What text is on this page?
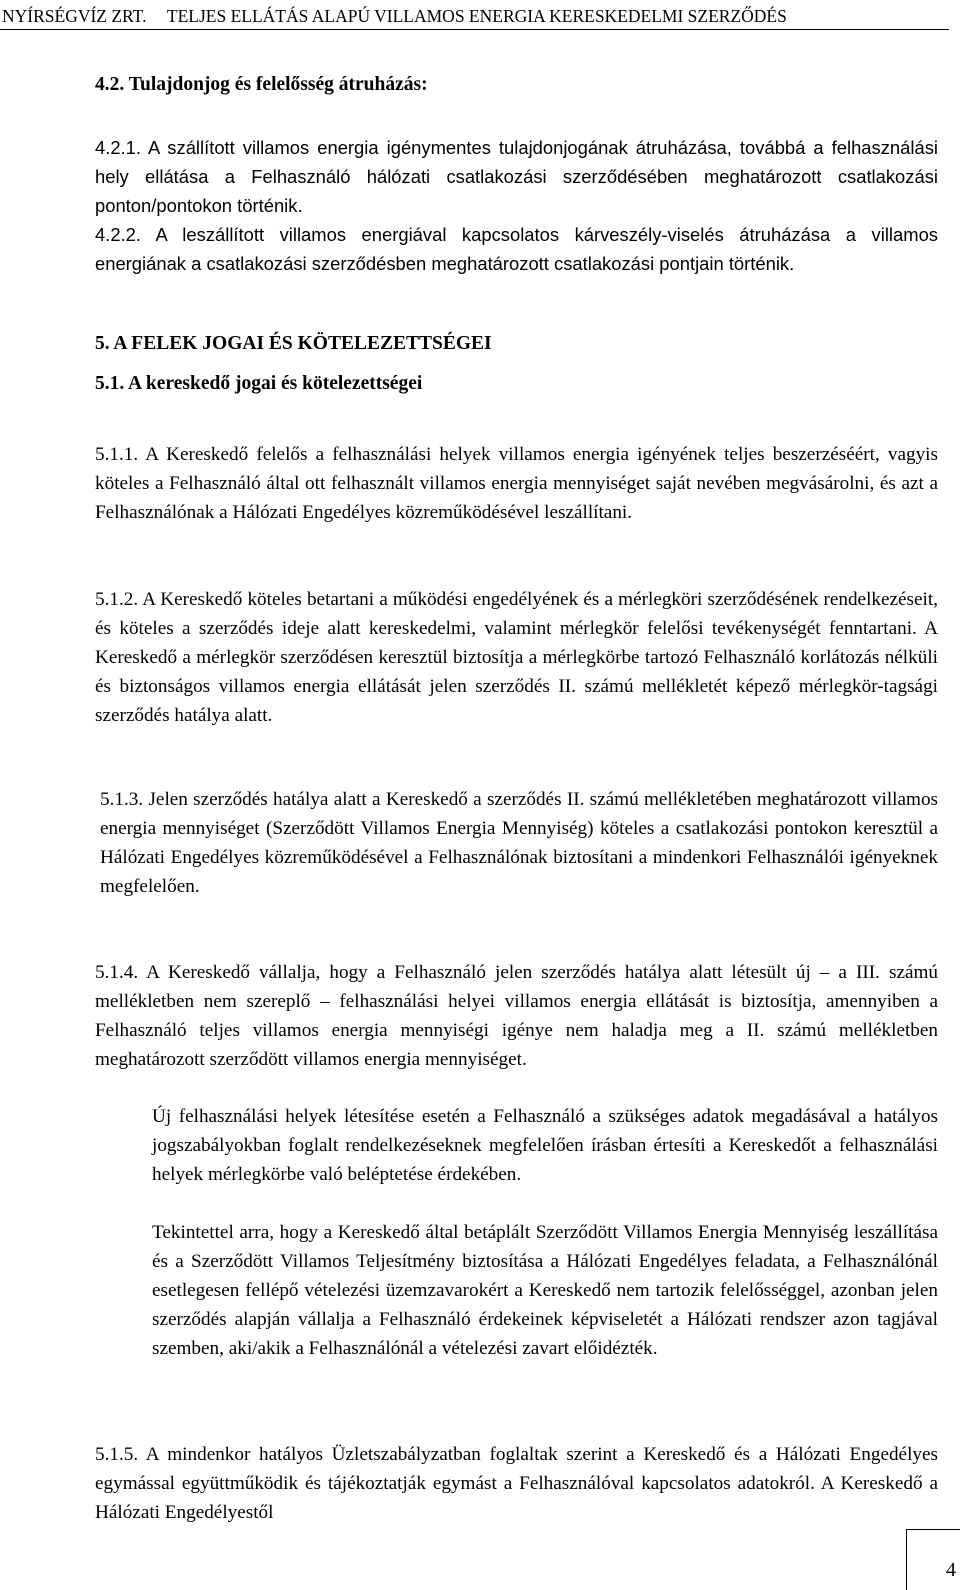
NYÍRSÉGVÍZ ZRT. TELJES ELLÁTÁS ALAPÚ VILLAMOS ENERGIA KERESKEDELMI SZERZŐDÉS
4.2. Tulajdonjog és felelősség átruházás:
4.2.1. A szállított villamos energia igénymentes tulajdonjogának átruházása, továbbá a felhasználási hely ellátása a Felhasználó hálózati csatlakozási szerződésében meghatározott csatlakozási ponton/pontokon történik.
4.2.2. A leszállított villamos energiával kapcsolatos kárveszély-viselés átruházása a villamos energiának a csatlakozási szerződésben meghatározott csatlakozási pontjain történik.
5. A FELEK JOGAI ÉS KÖTELEZETTSÉGEI
5.1. A kereskedő jogai és kötelezettségei
5.1.1. A Kereskedő felelős a felhasználási helyek villamos energia igényének teljes beszerzéséért, vagyis köteles a Felhasználó által ott felhasznált villamos energia mennyiséget saját nevében megvásárolni, és azt a Felhasználónak a Hálózati Engedélyes közreműködésével leszállítani.
5.1.2. A Kereskedő köteles betartani a működési engedélyének és a mérlegköri szerződésének rendelkezéseit, és köteles a szerződés ideje alatt kereskedelmi, valamint mérlegkör felelősi tevékenységét fenntartani. A Kereskedő a mérlegkör szerződésen keresztül biztosítja a mérlegkörbe tartozó Felhasználó korlátozás nélküli és biztonságos villamos energia ellátását jelen szerződés II. számú mellékletét képező mérlegkör-tagsági szerződés hatálya alatt.
5.1.3. Jelen szerződés hatálya alatt a Kereskedő a szerződés II. számú mellékletében meghatározott villamos energia mennyiséget (Szerződött Villamos Energia Mennyiség) köteles a csatlakozási pontokon keresztül a Hálózati Engedélyes közreműködésével a Felhasználónak biztosítani a mindenkori Felhasználói igényeknek megfelelően.
5.1.4. A Kereskedő vállalja, hogy a Felhasználó jelen szerződés hatálya alatt létesült új – a III. számú mellékletben nem szereplő – felhasználási helyei villamos energia ellátását is biztosítja, amennyiben a Felhasználó teljes villamos energia mennyiségi igénye nem haladja meg a II. számú mellékletben meghatározott szerződött villamos energia mennyiséget.
Új felhasználási helyek létesítése esetén a Felhasználó a szükséges adatok megadásával a hatályos jogszabályokban foglalt rendelkezéseknek megfelelően írásban értesíti a Kereskedőt a felhasználási helyek mérlegkörbe való beléptetése érdekében.
Tekintettel arra, hogy a Kereskedő által betáplált Szerződött Villamos Energia Mennyiség leszállítása és a Szerződött Villamos Teljesítmény biztosítása a Hálózati Engedélyes feladata, a Felhasználónál esetlegesen fellépő vételezési üzemzavarokért a Kereskedő nem tartozik felelősséggel, azonban jelen szerződés alapján vállalja a Felhasználó érdekeinek képviseletét a Hálózati rendszer azon tagjával szemben, aki/akik a Felhasználónál a vételezési zavart előidézték.
5.1.5. A mindenkor hatályos Üzletszabályzatban foglaltak szerint a Kereskedő és a Hálózati Engedélyes egymással együttműködik és tájékoztatják egymást a Felhasználóval kapcsolatos adatokról. A Kereskedő a Hálózati Engedélyestől
4
